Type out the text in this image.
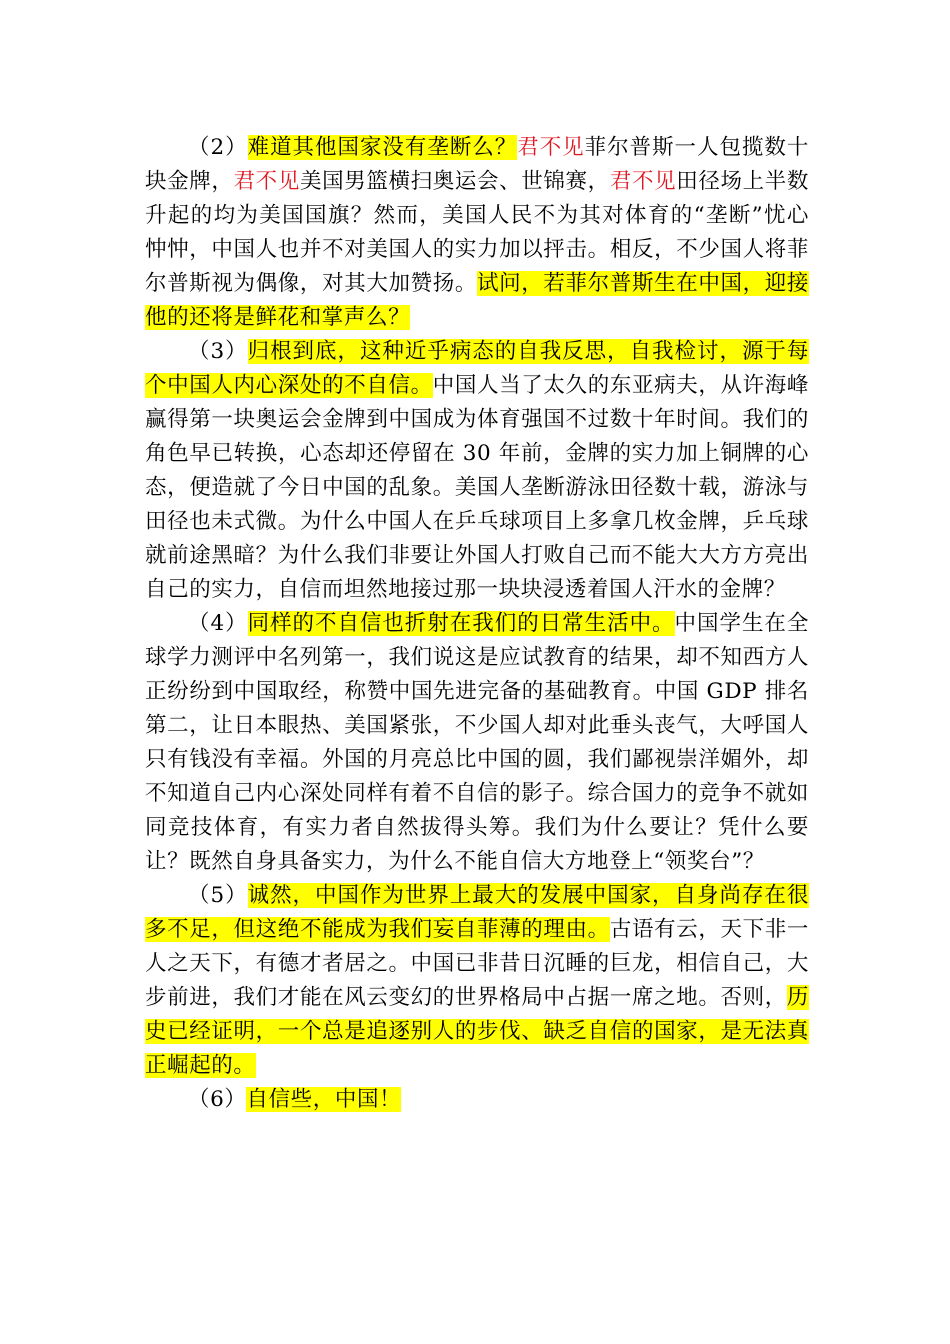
（2）难道其他国家没有垄断么？君不见菲尔普斯一人包揽数十块金牌，君不见美国男篮横扫奥运会、世锦赛，君不见田径场上半数升起的均为美国国旗？然而，美国人民不为其对体育的“垄断”忧心忡忡，中国人也并不对美国人的实力加以抨击。相反，不少国人将菲尔普斯视为偶像，对其大加赞扬。试问，若菲尔普斯生在中国，迎接他的还将是鲜花和掌声么？

（3）归根到底，这种近乎病态的自我反思，自我检讨，源于每个中国人内心深处的不自信。中国人当了太久的东亚病夫，从许海峰赢得第一块奥运会金牌到中国成为体育强国不过数十年时间。我们的角色早已转换，心态却还停留在 30 年前，金牌的实力加上铜牌的心态，便造就了今日中国的乱象。美国人垄断游泳田径数十载，游泳与田径也未式微。为什么中国人在乒乓球项目上多拿几枚金牌，乒乓球就前途黑暗？为什么我们非要让外国人打败自己而不能大大方方亮出自己的实力，自信而坦然地接过那一块块浸透着国人汗水的金牌？

（4）同样的不自信也折射在我们的日常生活中。中国学生在全球学力测评中名列第一，我们说这是应试教育的结果，却不知西方人正纷纷到中国取经，称赞中国先进完备的基础教育。中国 GDP 排名第二，让日本眼热、美国紧张，不少国人却对此垂头丧气，大呼国人只有钱没有幸福。外国的月亮总比中国的圆，我们鄙视崇洋媚外，却不知道自己内心深处同样有着不自信的影子。综合国力的竞争不就如同竞技体育，有实力者自然拔得头筹。我们为什么要让？凭什么要让？既然自身具备实力，为什么不能自信大方地登上“领奖台”？

（5）诚然，中国作为世界上最大的发展中国家，自身尚存在很多不足，但这绝不能成为我们妄自菲薄的理由。古语有云，天下非一人之天下，有德才者居之。中国已非昔日沉睡的巨龙，相信自己，大步前进，我们才能在风云变幻的世界格局中占据一席之地。否则，历史已经证明，一个总是追逐别人的步伐、缺乏自信的国家，是无法真正崛起的。

（6）自信些，中国！
